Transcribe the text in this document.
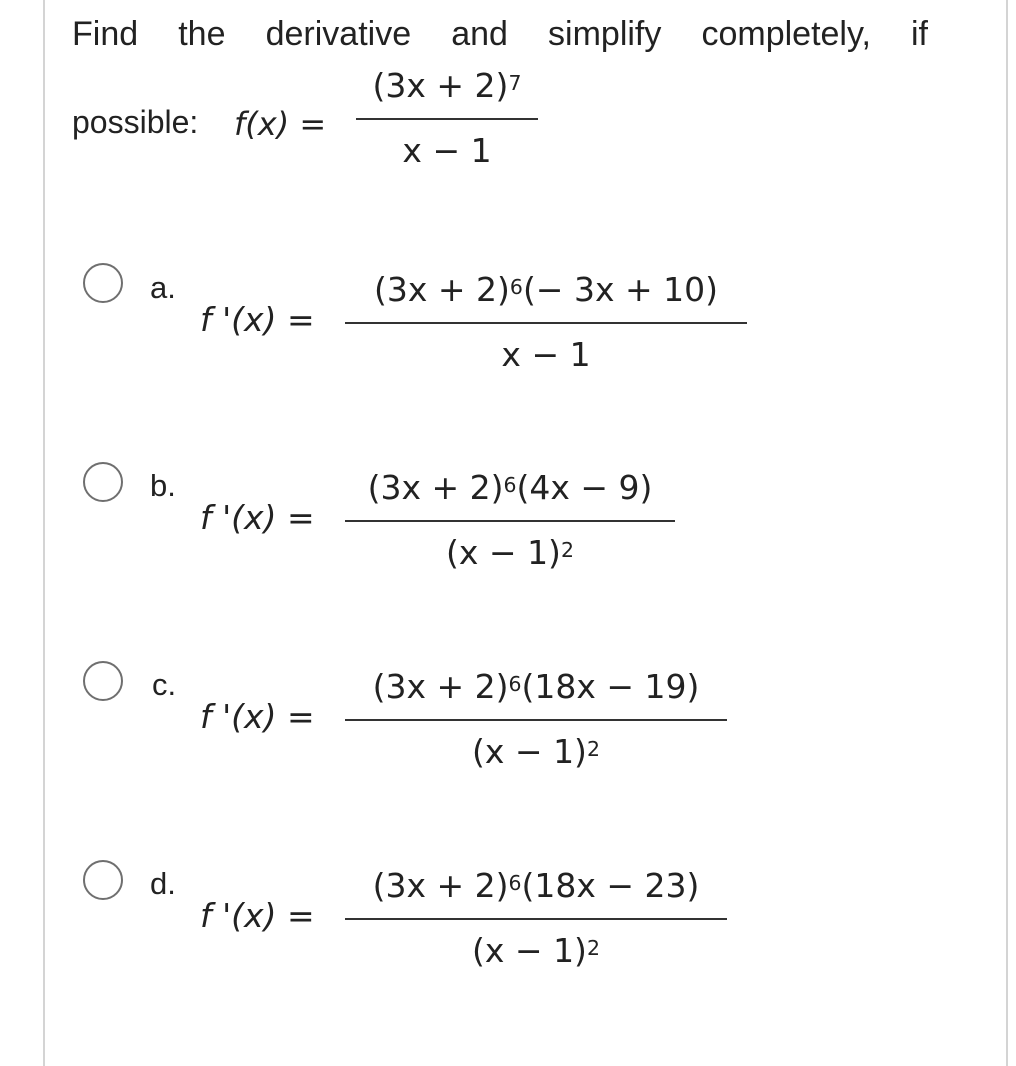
Find the derivative and simplify completely, if
possible: f(x) =
$(3x + 2)^7$
x − 1
a.
f '(x) =
$(3x + 2)^6(- 3x + 10)$
x − 1
b.
f '(x) =
$(3x + 2)^6(4x - 9)$
$(x - 1)^2$
c.
f '(x) =
$(3x + 2)^6(18x - 19)$
$(x - 1)^2$
d.
f '(x) =
$(3x + 2)^6(18x - 23)$
$(x - 1)^2$
